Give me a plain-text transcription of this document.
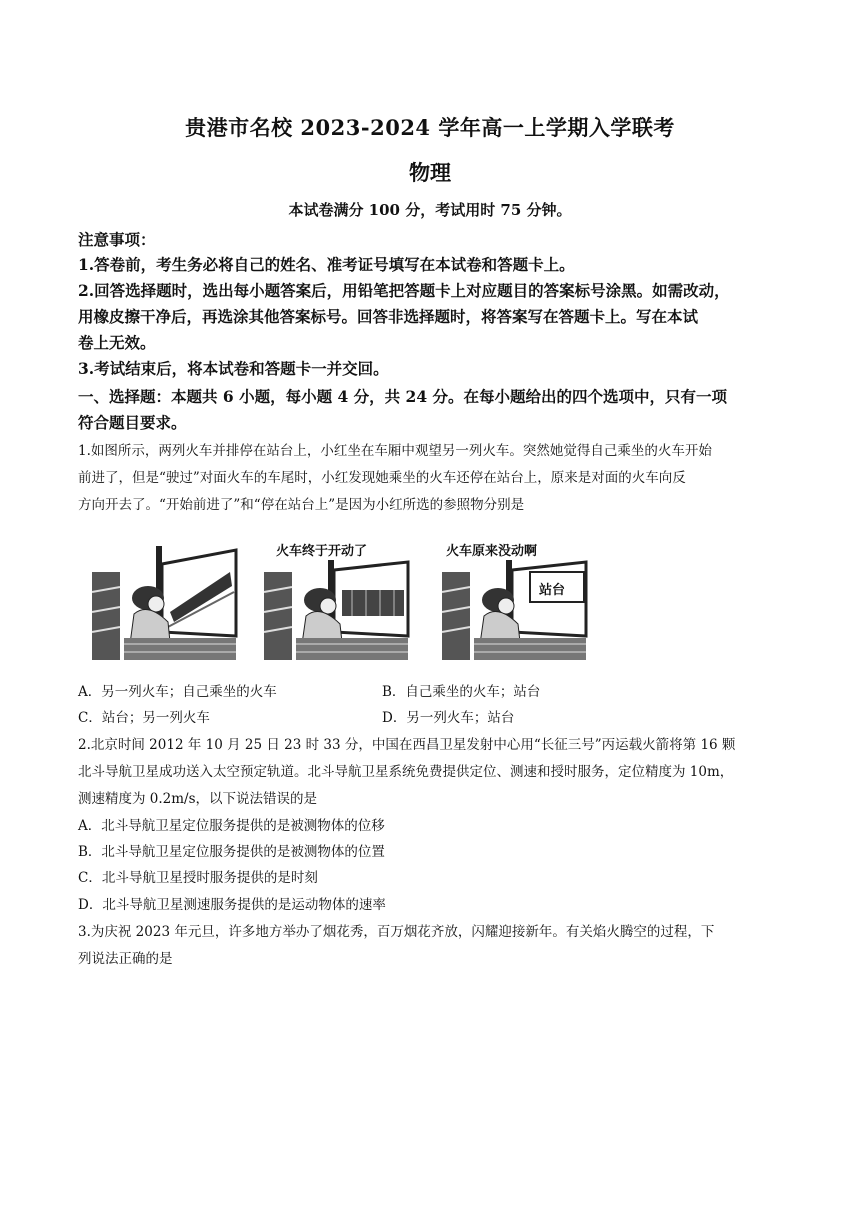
贵港市名校 2023-2024 学年高一上学期入学联考
物理
本试卷满分 100 分，考试用时 75 分钟。
注意事项：
1.答卷前，考生务必将自己的姓名、准考证号填写在本试卷和答题卡上。
2.回答选择题时，选出每小题答案后，用铅笔把答题卡上对应题目的答案标号涂黑。如需改动，
用橡皮擦干净后，再选涂其他答案标号。回答非选择题时，将答案写在答题卡上。写在本试
卷上无效。
3.考试结束后，将本试卷和答题卡一并交回。
一、选择题：本题共 6 小题，每小题 4 分，共 24 分。在每小题给出的四个选项中，只有一项
符合题目要求。
1.如图所示，两列火车并排停在站台上，小红坐在车厢中观望另一列火车。突然她觉得自己乘坐的火车开始
前进了，但是“驶过”对面火车的车尾时，小红发现她乘坐的火车还停在站台上，原来是对面的火车向反
方向开去了。“开始前进了”和“停在站台上”是因为小红所选的参照物分别是
火车终于开动了	火车原来没动啊
站台
A．另一列火车；自己乘坐的火车	B．自己乘坐的火车；站台
C．站台；另一列火车	D．另一列火车；站台
2.北京时间 2012 年 10 月 25 日 23 时 33 分，中国在西昌卫星发射中心用“长征三号”丙运载火箭将第 16 颗
北斗导航卫星成功送入太空预定轨道。北斗导航卫星系统免费提供定位、测速和授时服务，定位精度为 10m，
测速精度为 0.2m/s，以下说法错误的是
A．北斗导航卫星定位服务提供的是被测物体的位移
B．北斗导航卫星定位服务提供的是被测物体的位置
C．北斗导航卫星授时服务提供的是时刻
D．北斗导航卫星测速服务提供的是运动物体的速率
3.为庆祝 2023 年元旦，许多地方举办了烟花秀，百万烟花齐放，闪耀迎接新年。有关焰火腾空的过程，下
列说法正确的是
